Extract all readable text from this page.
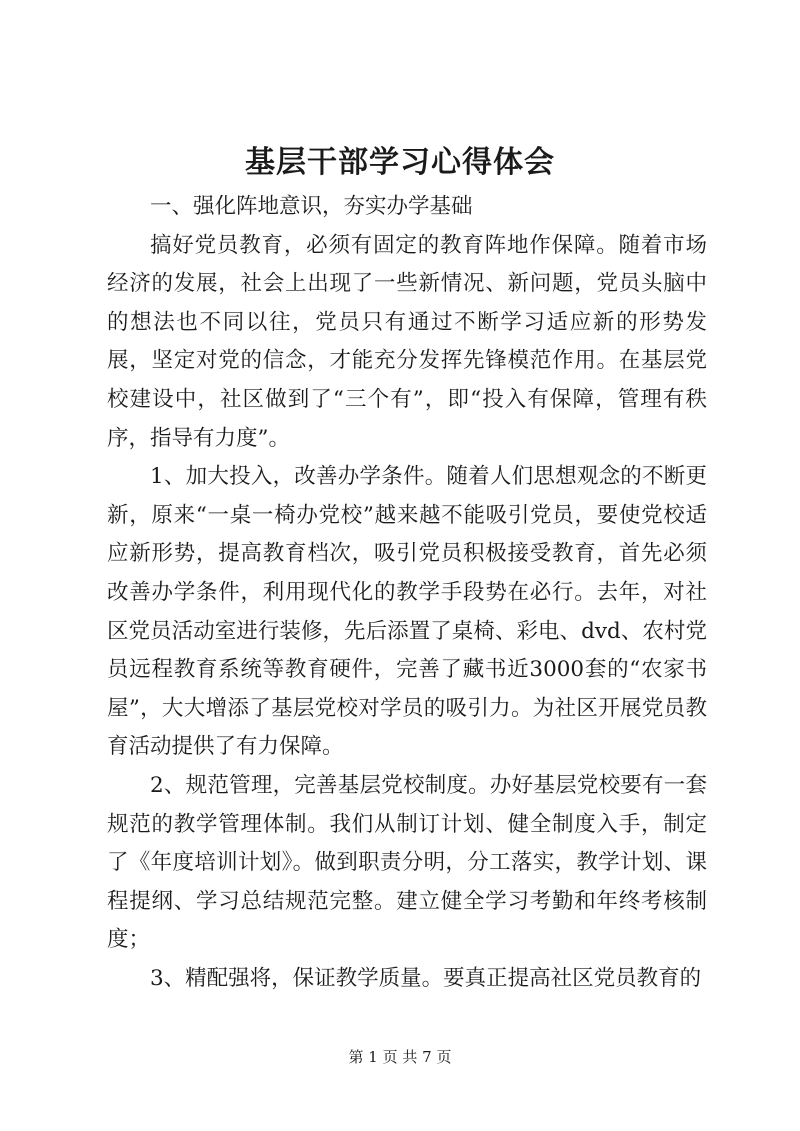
基层干部学习心得体会

一、强化阵地意识，夯实办学基础

搞好党员教育，必须有固定的教育阵地作保障。随着市场经济的发展，社会上出现了一些新情况、新问题，党员头脑中的想法也不同以往，党员只有通过不断学习适应新的形势发展，坚定对党的信念，才能充分发挥先锋模范作用。在基层党校建设中，社区做到了“三个有”，即“投入有保障，管理有秩序，指导有力度”。

1、加大投入，改善办学条件。随着人们思想观念的不断更新，原来“一桌一椅办党校”越来越不能吸引党员，要使党校适应新形势，提高教育档次，吸引党员积极接受教育，首先必须改善办学条件，利用现代化的教学手段势在必行。去年，对社区党员活动室进行装修，先后添置了桌椅、彩电、dvd、农村党员远程教育系统等教育硬件，完善了藏书近3000套的“农家书屋”，大大增添了基层党校对学员的吸引力。为社区开展党员教育活动提供了有力保障。

2、规范管理，完善基层党校制度。办好基层党校要有一套规范的教学管理体制。我们从制订计划、健全制度入手，制定了《年度培训计划》。做到职责分明，分工落实，教学计划、课程提纲、学习总结规范完整。建立健全学习考勤和年终考核制度；

3、精配强将，保证教学质量。要真正提高社区党员教育的

第 1 页 共 7 页
